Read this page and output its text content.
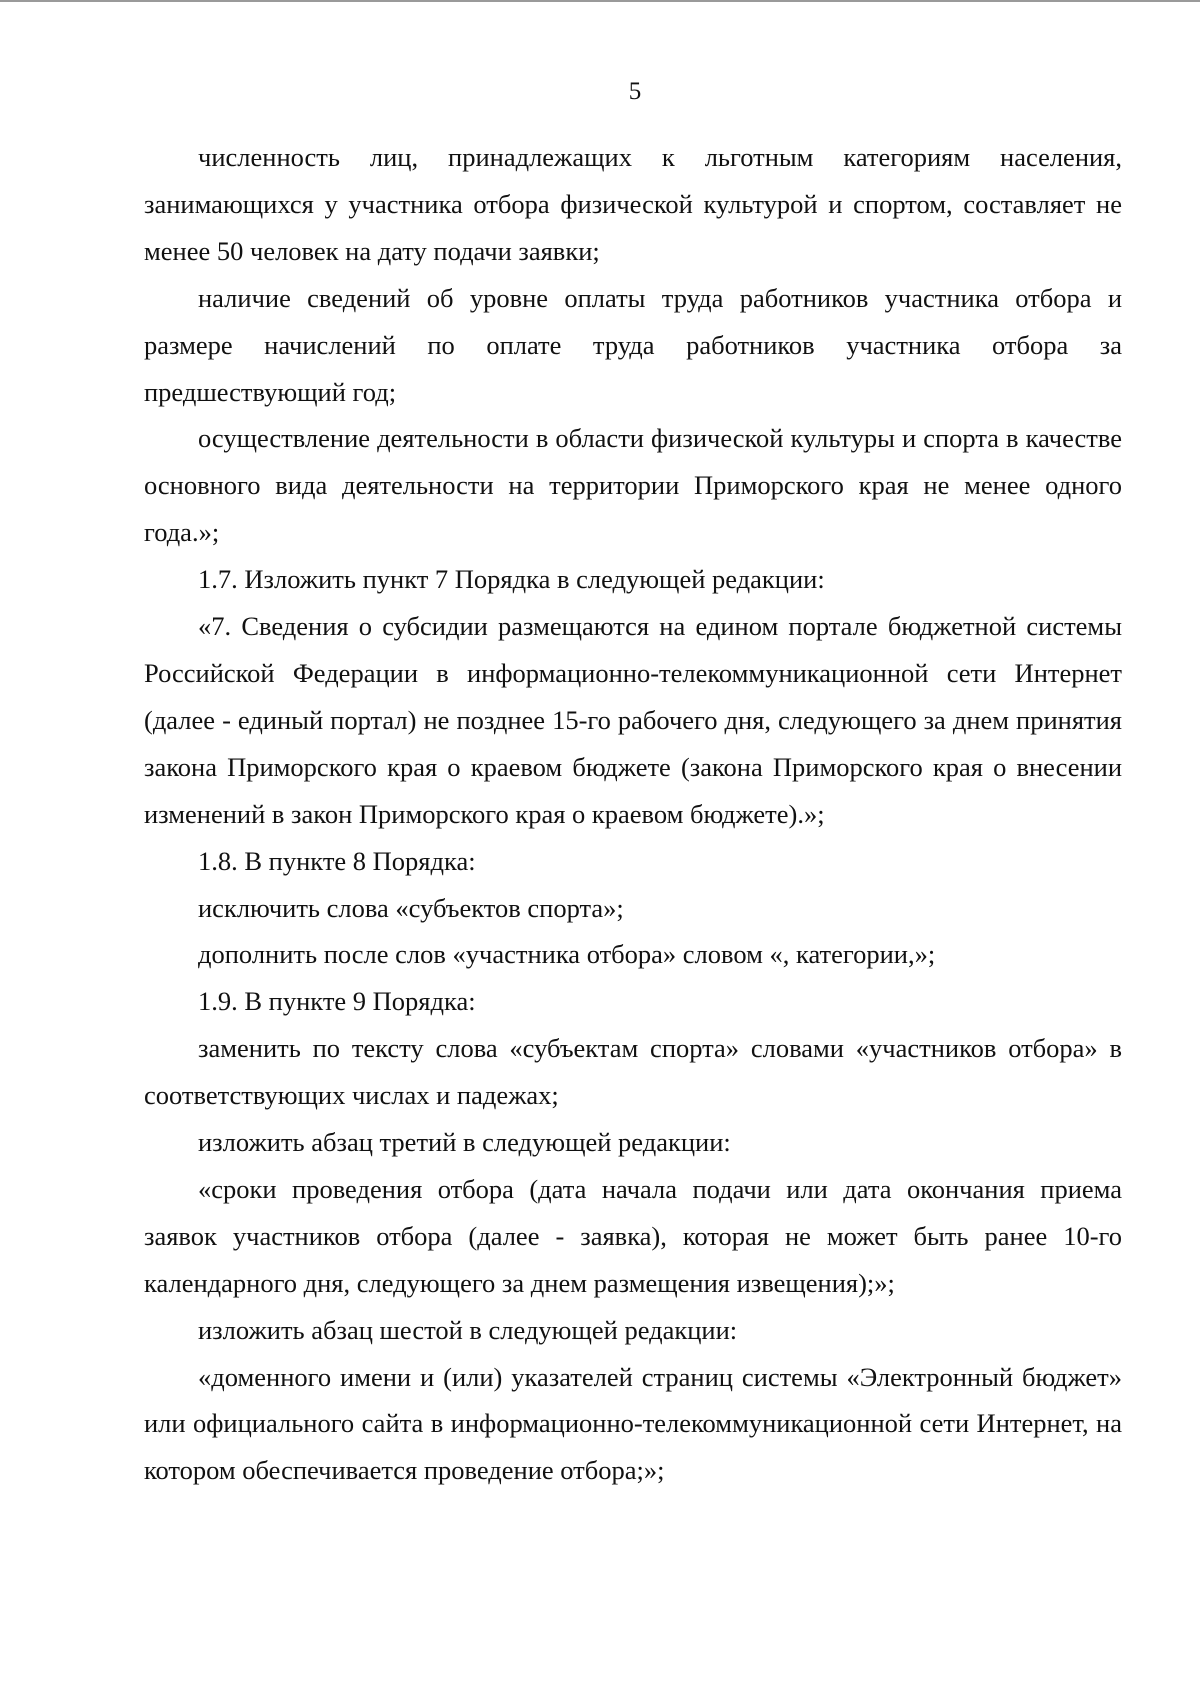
5

численность лиц, принадлежащих к льготным категориям населения, занимающихся у участника отбора физической культурой и спортом, составляет не менее 50 человек на дату подачи заявки;

наличие сведений об уровне оплаты труда работников участника отбора и размере начислений по оплате труда работников участника отбора за предшествующий год;

осуществление деятельности в области физической культуры и спорта в качестве основного вида деятельности на территории Приморского края не менее одного года.»;

1.7. Изложить пункт 7 Порядка в следующей редакции:

«7. Сведения о субсидии размещаются на едином портале бюджетной системы Российской Федерации в информационно-телекоммуникационной сети Интернет (далее - единый портал) не позднее 15-го рабочего дня, следующего за днем принятия закона Приморского края о краевом бюджете (закона Приморского края о внесении изменений в закон Приморского края о краевом бюджете).»;

1.8. В пункте 8 Порядка:

исключить слова «субъектов спорта»;

дополнить после слов «участника отбора» словом «, категории,»;

1.9. В пункте 9 Порядка:

заменить по тексту слова «субъектам спорта» словами «участников отбора» в соответствующих числах и падежах;

изложить абзац третий в следующей редакции:

«сроки проведения отбора (дата начала подачи или дата окончания приема заявок участников отбора (далее - заявка), которая не может быть ранее 10-го календарного дня, следующего за днем размещения извещения);»;

изложить абзац шестой в следующей редакции:

«доменного имени и (или) указателей страниц системы «Электронный бюджет» или официального сайта в информационно-телекоммуникационной сети Интернет, на котором обеспечивается проведение отбора;»;
